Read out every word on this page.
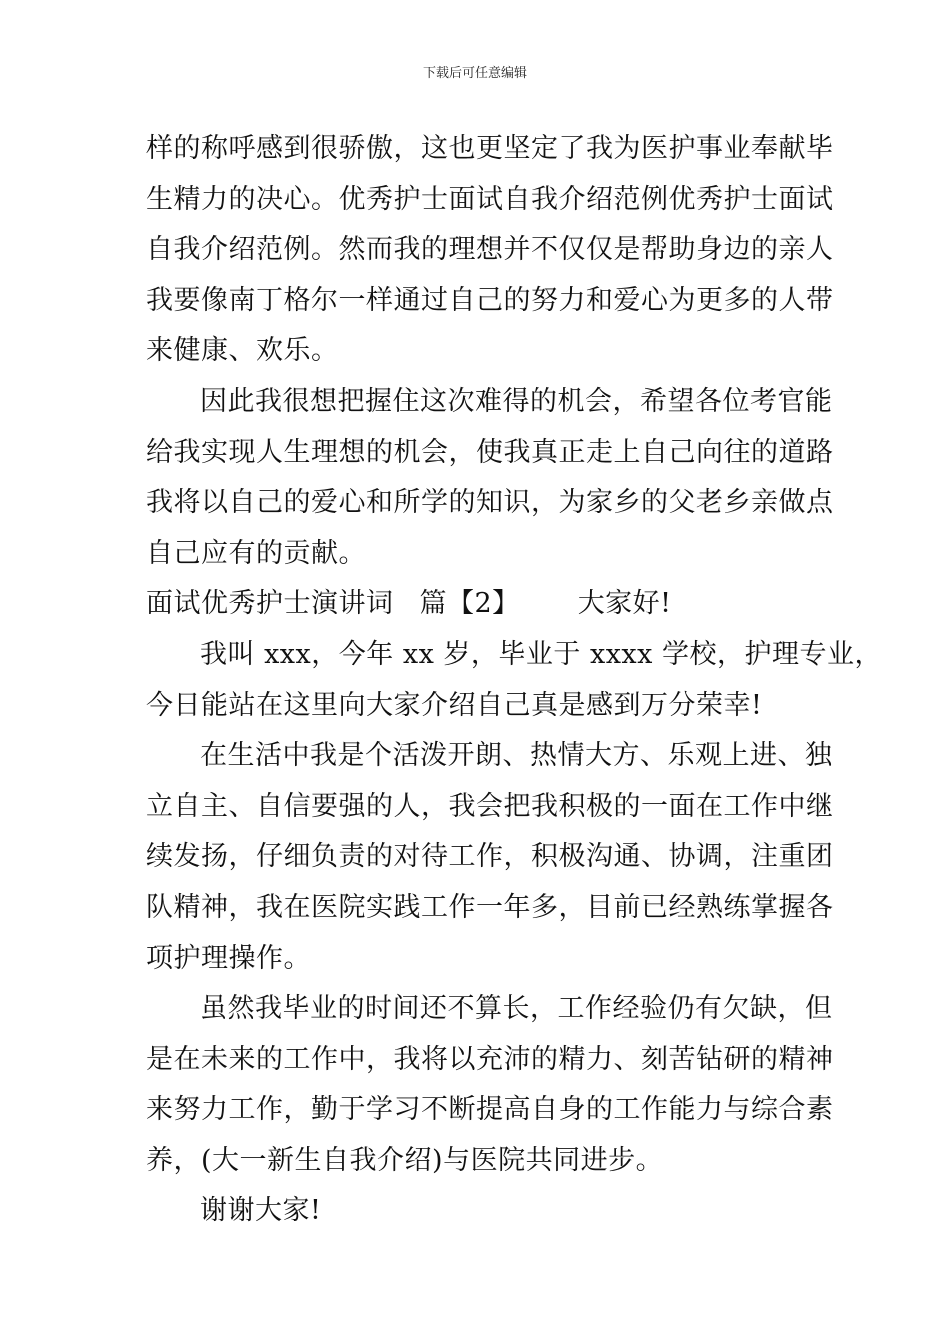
下载后可任意编辑
样的称呼感到很骄傲，这也更坚定了我为医护事业奉献毕
生精力的决心。优秀护士面试自我介绍范例优秀护士面试
自我介绍范例。然而我的理想并不仅仅是帮助身边的亲人
我要像南丁格尔一样通过自己的努力和爱心为更多的人带
来健康、欢乐。
因此我很想把握住这次难得的机会，希望各位考官能
给我实现人生理想的机会，使我真正走上自己向往的道路
我将以自己的爱心和所学的知识，为家乡的父老乡亲做点
自己应有的贡献。
面试优秀护士演讲词 篇【2】 大家好!
我叫 xxx，今年 xx 岁，毕业于 xxxx 学校，护理专业，
今日能站在这里向大家介绍自己真是感到万分荣幸!
在生活中我是个活泼开朗、热情大方、乐观上进、独
立自主、自信要强的人，我会把我积极的一面在工作中继
续发扬，仔细负责的对待工作，积极沟通、协调，注重团
队精神，我在医院实践工作一年多，目前已经熟练掌握各
项护理操作。
虽然我毕业的时间还不算长，工作经验仍有欠缺，但
是在未来的工作中，我将以充沛的精力、刻苦钻研的精神
来努力工作，勤于学习不断提高自身的工作能力与综合素
养，(大一新生自我介绍)与医院共同进步。
谢谢大家!
